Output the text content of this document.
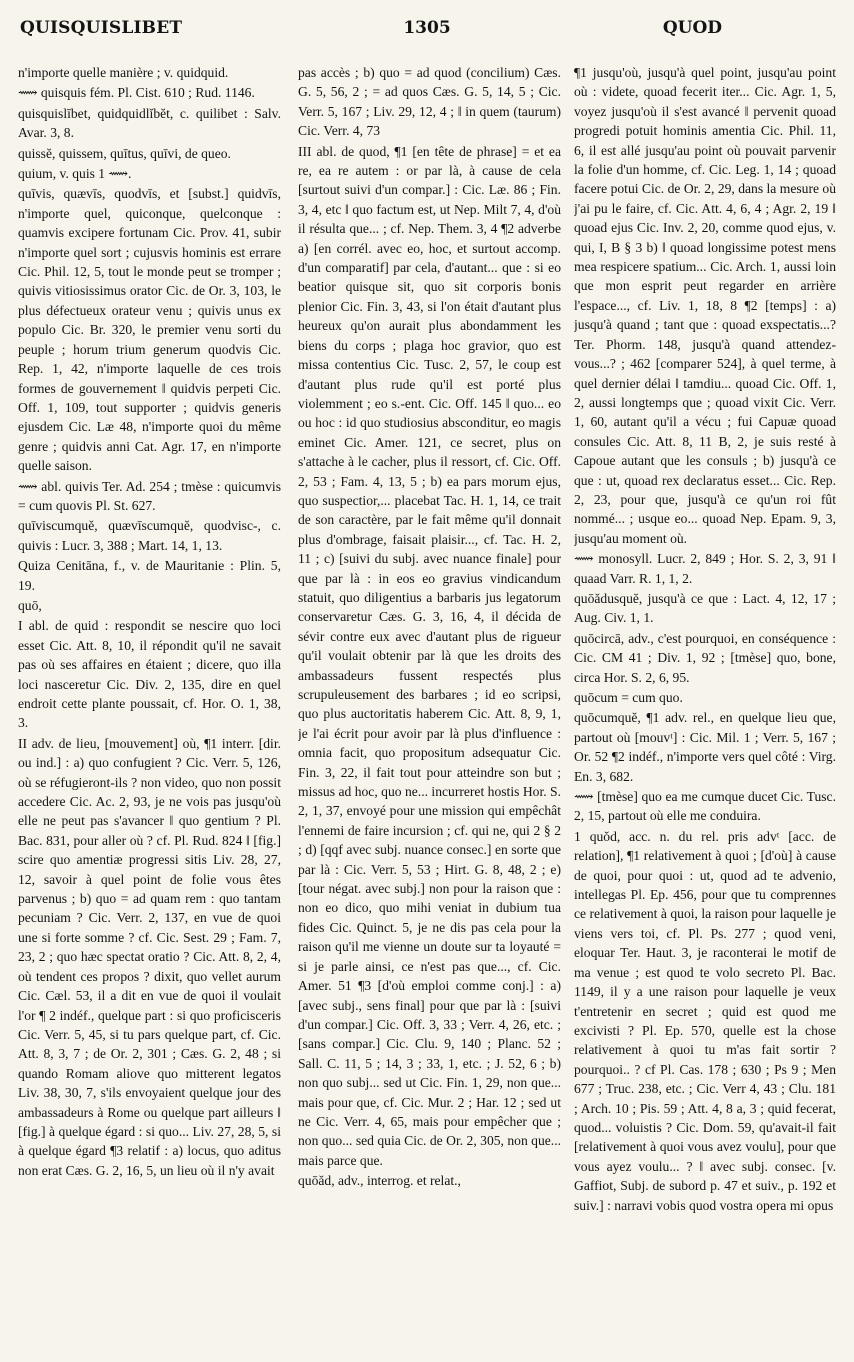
QUISQUISLIBET	1305	QUOD

n'importe quelle manière ; v. quidquid.

⟿ quisquis fém. Pl. Cist. 610 ; Rud. 1146.

quisquislībet, quidquidlĭbĕt, c. quilibet : Salv. Avar. 3, 8.

quissĕ, quissem, quītus, quīvi, de queo.

quium, v. quis 1 ⟿.

quīvis, quævīs, quodvīs, et [subst.] quidvīs, n'importe quel, quiconque, quelconque : quamvis excipere fortunam Cic. Prov. 41, subir n'importe quel sort ; cujusvis hominis est errare Cic. Phil. 12, 5, tout le monde peut se tromper ; quivis vitiosissimus orator Cic. de Or. 3, 103, le plus défectueux orateur venu ; quivis unus ex populo Cic. Br. 320, le premier venu sorti du peuple ; horum trium generum quodvis Cic. Rep. 1, 42, n'importe laquelle de ces trois formes de gouvernement ‖ quidvis perpeti Cic. Off. 1, 109, tout supporter ; quidvis generis ejusdem Cic. Læ 48, n'importe quoi du même genre ; quidvis anni Cat. Agr. 17, en n'importe quelle saison.

⟿ abl. quivis Ter. Ad. 254 ; tmèse : quicumvis = cum quovis Pl. St. 627.

quīviscumquĕ, quævīscumquĕ, quodvisc-, c. quivis : Lucr. 3, 388 ; Mart. 14, 1, 13.

Quiza Cenitāna, f., v. de Mauritanie : Plin. 5, 19.

quō,

I abl. de quid : respondit se nescire quo loci esset Cic. Att. 8, 10, il répondit qu'il ne savait pas où ses affaires en étaient ; dicere, quo illa loci nasceretur Cic. Div. 2, 135, dire en quel endroit cette plante poussait, cf. Hor. O. 1, 38, 3.

II adv. de lieu, [mouvement] où, ¶1 interr. [dir. ou ind.] : a) quo confugient ? Cic. Verr. 5, 126, où se réfugieront-ils ? non video, quo non possit accedere Cic. Ac. 2, 93, je ne vois pas jusqu'où elle ne peut pas s'avancer ‖ quo gentium ? Pl. Bac. 831, pour aller où ? cf. Pl. Rud. 824 ‖ [fig.] scire quo amentiæ progressi sitis Liv. 28, 27, 12, savoir à quel point de folie vous êtes parvenus ; b) quo = ad quam rem : quo tantam pecuniam ? Cic. Verr. 2, 137, en vue de quoi une si forte somme ? cf. Cic. Sest. 29 ; Fam. 7, 23, 2 ; quo hæc spectat oratio ? Cic. Att. 8, 2, 4, où tendent ces propos ? dixit, quo vellet aurum Cic. Cæl. 53, il a dit en vue de quoi il voulait l'or ¶ 2 indéf., quelque part : si quo proficisceris Cic. Verr. 5, 45, si tu pars quelque part, cf. Cic. Att. 8, 3, 7 ; de Or. 2, 301 ; Cæs. G. 2, 48 ; si quando Romam aliove quo mitterent legatos Liv. 38, 30, 7, s'ils envoyaient quelque jour des ambassadeurs à Rome ou quelque part ailleurs ‖ [fig.] à quelque égard : si quo... Liv. 27, 28, 5, si à quelque égard ¶3 relatif : a) locus, quo aditus non erat Cæs. G. 2, 16, 5, un lieu où il n'y avait

pas accès ; b) quo = ad quod (concilium) Cæs. G. 5, 56, 2 ; = ad quos Cæs. G. 5, 14, 5 ; Cic. Verr. 5, 167 ; Liv. 29, 12, 4 ; ‖ in quem (taurum) Cic. Verr. 4, 73

III abl. de quod, ¶1 [en tête de phrase] = et ea re, ea re autem : or par là, à cause de cela [surtout suivi d'un compar.] : Cic. Læ. 86 ; Fin. 3, 4, etc ‖ quo factum est, ut Nep. Milt 7, 4, d'où il résulta que... ; cf. Nep. Them. 3, 4 ¶2 adverbe a) [en corrél. avec eo, hoc, et surtout accomp. d'un comparatif] par cela, d'autant... que : si eo beatior quisque sit, quo sit corporis bonis plenior Cic. Fin. 3, 43, si l'on était d'autant plus heureux qu'on aurait plus abondamment les biens du corps ; plaga hoc gravior, quo est missa contentius Cic. Tusc. 2, 57, le coup est d'autant plus rude qu'il est porté plus violemment ; eo s.-ent. Cic. Off. 145 ‖ quo... eo ou hoc : id quo studiosius absconditur, eo magis eminet Cic. Amer. 121, ce secret, plus on s'attache à le cacher, plus il ressort, cf. Cic. Off. 2, 53 ; Fam. 4, 13, 5 ; b) ea pars morum ejus, quo suspectior,... placebat Tac. H. 1, 14, ce trait de son caractère, par le fait même qu'il donnait plus d'ombrage, faisait plaisir..., cf. Tac. H. 2, 11 ; c) [suivi du subj. avec nuance finale] pour que par là : in eos eo gravius vindicandum statuit, quo diligentius a barbaris jus legatorum conservaretur Cæs. G. 3, 16, 4, il décida de sévir contre eux avec d'autant plus de rigueur qu'il voulait obtenir par là que les droits des ambassadeurs fussent respectés plus scrupuleusement des barbares ; id eo scripsi, quo plus auctoritatis haberem Cic. Att. 8, 9, 1, je l'ai écrit pour avoir par là plus d'influence : omnia facit, quo propositum adsequatur Cic. Fin. 3, 22, il fait tout pour atteindre son but ; missus ad hoc, quo ne... incurreret hostis Hor. S. 2, 1, 37, envoyé pour une mission qui empêchât l'ennemi de faire incursion ; cf. qui ne, qui 2 § 2 ; d) [qqf avec subj. nuance consec.] en sorte que par là : Cic. Verr. 5, 53 ; Hirt. G. 8, 48, 2 ; e) [tour négat. avec subj.] non pour la raison que : non eo dico, quo mihi veniat in dubium tua fides Cic. Quinct. 5, je ne dis pas cela pour la raison qu'il me vienne un doute sur ta loyauté = si je parle ainsi, ce n'est pas que..., cf. Cic. Amer. 51 ¶3 [d'où emploi comme conj.] : a) [avec subj., sens final] pour que par là : [suivi d'un compar.] Cic. Off. 3, 33 ; Verr. 4, 26, etc. ; [sans compar.] Cic. Clu. 9, 140 ; Planc. 52 ; Sall. C. 11, 5 ; 14, 3 ; 33, 1, etc. ; J. 52, 6 ; b) non quo subj... sed ut Cic. Fin. 1, 29, non que... mais pour que, cf. Cic. Mur. 2 ; Har. 12 ; sed ut ne Cic. Verr. 4, 65, mais pour empêcher que ; non quo... sed quia Cic. de Or. 2, 305, non que... mais parce que.

quōăd, adv., interrog. et relat.,

¶1 jusqu'où, jusqu'à quel point, jusqu'au point où : videte, quoad fecerit iter... Cic. Agr. 1, 5, voyez jusqu'où il s'est avancé ‖ pervenit quoad progredi potuit hominis amentia Cic. Phil. 11, 6, il est allé jusqu'au point où pouvait parvenir la folie d'un homme, cf. Cic. Leg. 1, 14 ; quoad facere potui Cic. de Or. 2, 29, dans la mesure où j'ai pu le faire, cf. Cic. Att. 4, 6, 4 ; Agr. 2, 19 ‖ quoad ejus Cic. Inv. 2, 20, comme quod ejus, v. qui, I, B § 3 b) ‖ quoad longissime potest mens mea respicere spatium... Cic. Arch. 1, aussi loin que mon esprit peut regarder en arrière l'espace..., cf. Liv. 1, 18, 8 ¶2 [temps] : a) jusqu'à quand ; tant que : quoad exspectatis...? Ter. Phorm. 148, jusqu'à quand attendez-vous...? ; 462 [comparer 524], à quel terme, à quel dernier délai ‖ tamdiu... quoad Cic. Off. 1, 2, aussi longtemps que ; quoad vixit Cic. Verr. 1, 60, autant qu'il a vécu ; fui Capuæ quoad consules Cic. Att. 8, 11 B, 2, je suis resté à Capoue autant que les consuls ; b) jusqu'à ce que : ut, quoad rex declaratus esset... Cic. Rep. 2, 23, pour que, jusqu'à ce qu'un roi fût nommé... ; usque eo... quoad Nep. Epam. 9, 3, jusqu'au moment où.

⟿ monosyll. Lucr. 2, 849 ; Hor. S. 2, 3, 91 ‖ quaad Varr. R. 1, 1, 2.

quōădusquĕ, jusqu'à ce que : Lact. 4, 12, 17 ; Aug. Civ. 1, 1.

quōcircā, adv., c'est pourquoi, en conséquence : Cic. CM 41 ; Div. 1, 92 ; [tmèse] quo, bone, circa Hor. S. 2, 6, 95.

quōcum = cum quo.

quōcumquĕ, ¶1 adv. rel., en quelque lieu que, partout où [mouvᵗ] : Cic. Mil. 1 ; Verr. 5, 167 ; Or. 52 ¶2 indéf., n'importe vers quel côté : Virg. En. 3, 682.

⟿ [tmèse] quo ea me cumque ducet Cic. Tusc. 2, 15, partout où elle me conduira.

1 quŏd, acc. n. du rel. pris advᵗ [acc. de relation], ¶1 relativement à quoi ; [d'où] à cause de quoi, pour quoi : ut, quod ad te advenio, intellegas Pl. Ep. 456, pour que tu comprennes ce relativement à quoi, la raison pour laquelle je viens vers toi, cf. Pl. Ps. 277 ; quod veni, eloquar Ter. Haut. 3, je raconterai le motif de ma venue ; est quod te volo secreto Pl. Bac. 1149, il y a une raison pour laquelle je veux t'entretenir en secret ; quid est quod me excivisti ? Pl. Ep. 570, quelle est la chose relativement à quoi tu m'as fait sortir ? pourquoi.. ? cf Pl. Cas. 178 ; 630 ; Ps 9 ; Men 677 ; Truc. 238, etc. ; Cic. Verr 4, 43 ; Clu. 181 ; Arch. 10 ; Pis. 59 ; Att. 4, 8 a, 3 ; quid fecerat, quod... voluistis ? Cic. Dom. 59, qu'avait-il fait [relativement à quoi vous avez voulu], pour que vous ayez voulu... ? ‖ avec subj. consec. [v. Gaffiot, Subj. de subord p. 47 et suiv., p. 192 et suiv.] : narravi vobis quod vostra opera mi opus
